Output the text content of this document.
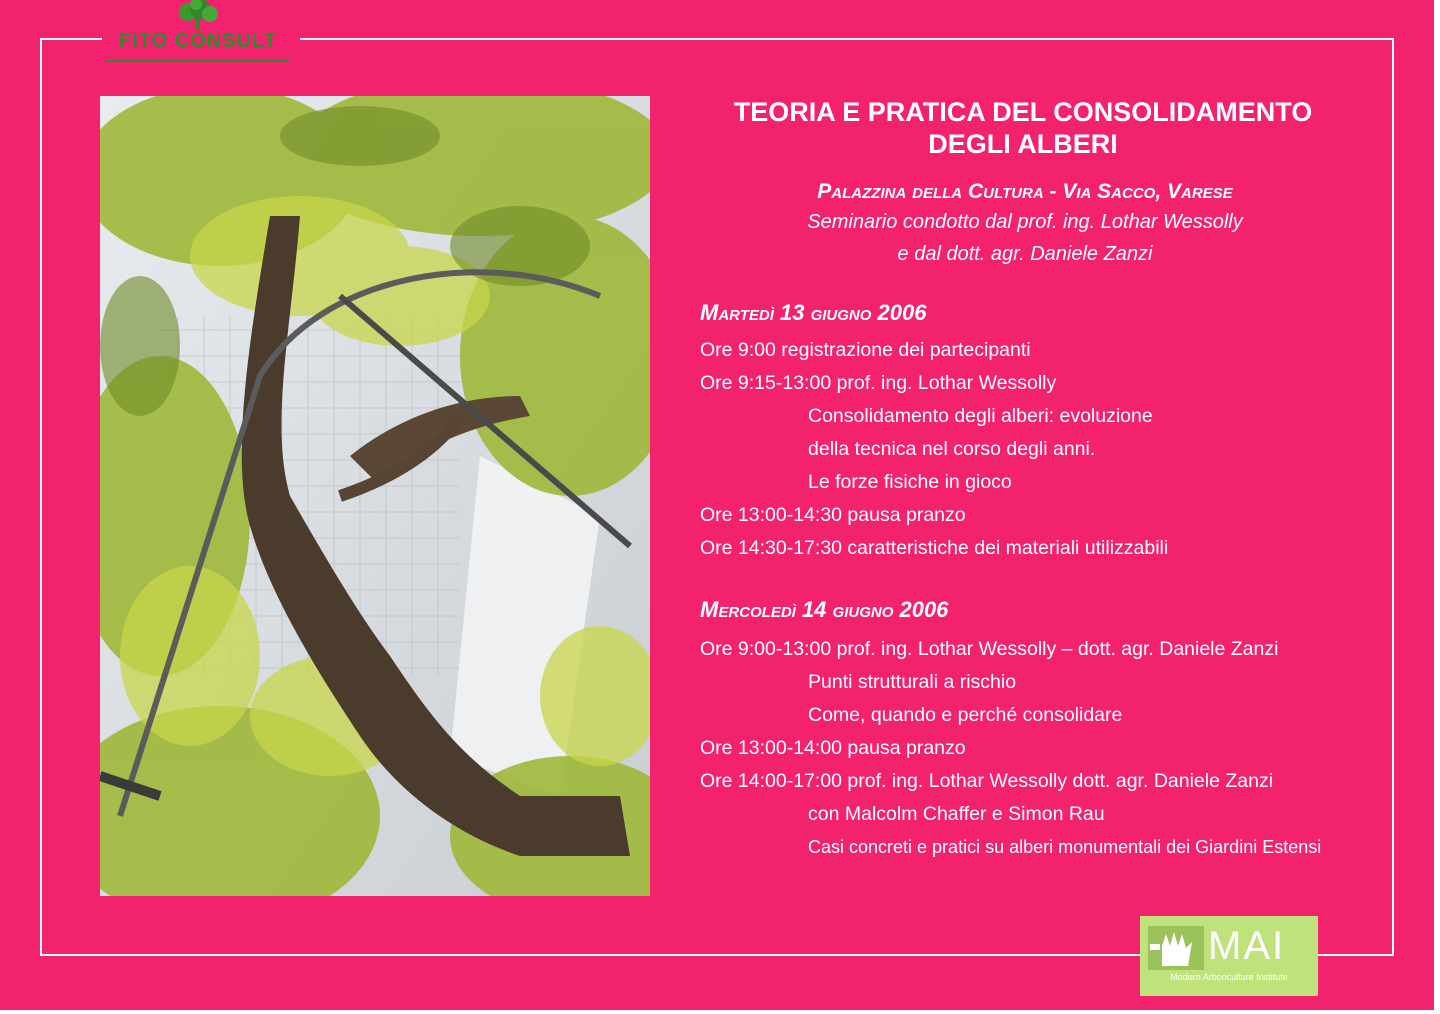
FITO CONSULT
TEORIA E PRATICA DEL CONSOLIDAMENTO
DEGLI ALBERI
Palazzina della Cultura - Via Sacco, Varese
Seminario condotto dal prof. ing. Lothar Wessolly
e dal dott. agr. Daniele Zanzi
Martedì 13 giugno 2006
Ore 9:00 registrazione dei partecipanti
Ore 9:15-13:00 prof. ing. Lothar Wessolly
Consolidamento degli alberi: evoluzione
della tecnica nel corso degli anni.
Le forze fisiche in gioco
Ore 13:00-14:30 pausa pranzo
Ore 14:30-17:30 caratteristiche dei materiali utilizzabili
Mercoledì 14 giugno 2006
Ore 9:00-13:00 prof. ing. Lothar Wessolly – dott. agr. Daniele Zanzi
Punti strutturali a rischio
Come, quando e perché consolidare
Ore 13:00-14:00 pausa pranzo
Ore 14:00-17:00 prof. ing. Lothar Wessolly dott. agr. Daniele Zanzi
con Malcolm Chaffer e Simon Rau
Casi concreti e pratici su alberi monumentali dei Giardini Estensi
MAI
Modern Arboriculture Institute
